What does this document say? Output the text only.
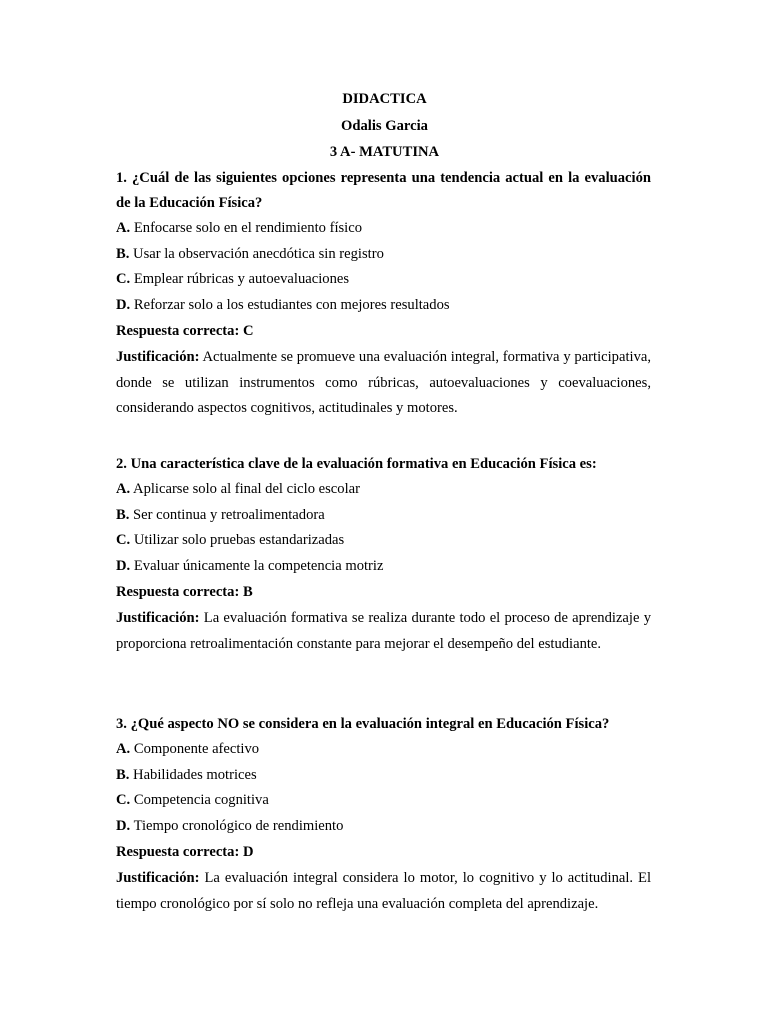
DIDACTICA
Odalis Garcia
3 A- MATUTINA
1. ¿Cuál de las siguientes opciones representa una tendencia actual en la evaluación de la Educación Física?
A. Enfocarse solo en el rendimiento físico
B. Usar la observación anecdótica sin registro
C. Emplear rúbricas y autoevaluaciones
D. Reforzar solo a los estudiantes con mejores resultados
Respuesta correcta: C
Justificación: Actualmente se promueve una evaluación integral, formativa y participativa, donde se utilizan instrumentos como rúbricas, autoevaluaciones y coevaluaciones, considerando aspectos cognitivos, actitudinales y motores.
2. Una característica clave de la evaluación formativa en Educación Física es:
A. Aplicarse solo al final del ciclo escolar
B. Ser continua y retroalimentadora
C. Utilizar solo pruebas estandarizadas
D. Evaluar únicamente la competencia motriz
Respuesta correcta: B
Justificación: La evaluación formativa se realiza durante todo el proceso de aprendizaje y proporciona retroalimentación constante para mejorar el desempeño del estudiante.
3. ¿Qué aspecto NO se considera en la evaluación integral en Educación Física?
A. Componente afectivo
B. Habilidades motrices
C. Competencia cognitiva
D. Tiempo cronológico de rendimiento
Respuesta correcta: D
Justificación: La evaluación integral considera lo motor, lo cognitivo y lo actitudinal. El tiempo cronológico por sí solo no refleja una evaluación completa del aprendizaje.
